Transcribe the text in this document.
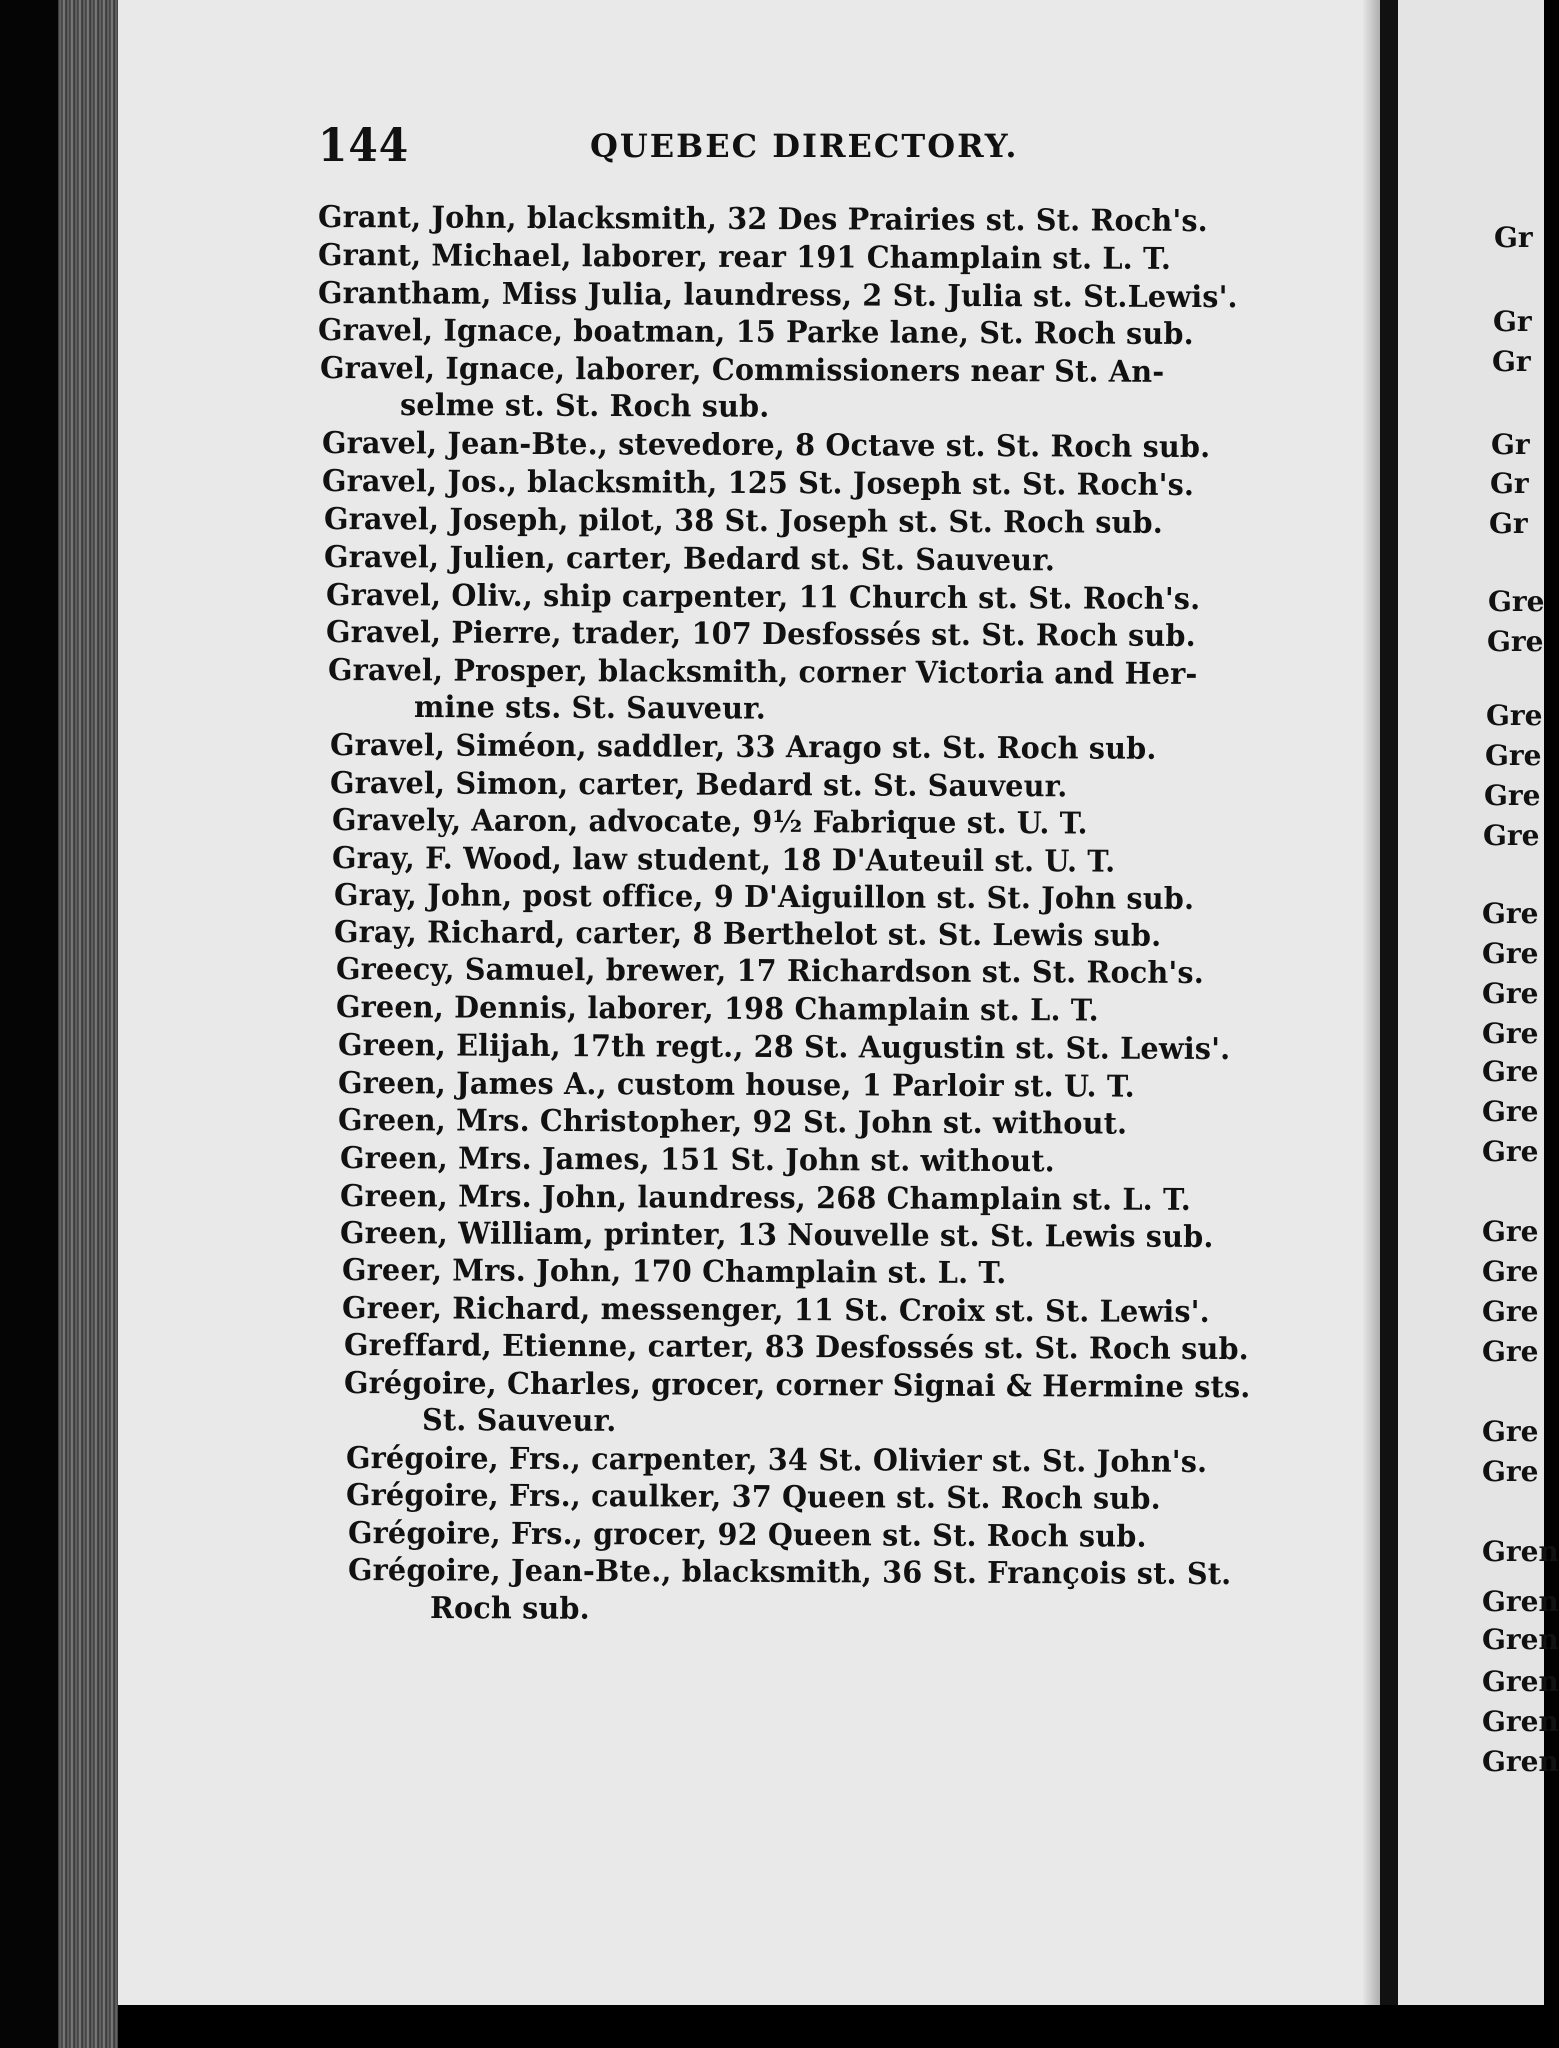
144	QUEBEC DIRECTORY.
Grant, John, blacksmith, 32 Des Prairies st. St. Roch's.
Grant, Michael, laborer, rear 191 Champlain st. L. T.
Grantham, Miss Julia, laundress, 2 St. Julia st. St.Lewis'.
Gravel, Ignace, boatman, 15 Parke lane, St. Roch sub.
Gravel, Ignace, laborer, Commissioners near St. An-
selme st. St. Roch sub.
Gravel, Jean-Bte., stevedore, 8 Octave st. St. Roch sub.
Gravel, Jos., blacksmith, 125 St. Joseph st. St. Roch's.
Gravel, Joseph, pilot, 38 St. Joseph st. St. Roch sub.
Gravel, Julien, carter, Bedard st. St. Sauveur.
Gravel, Oliv., ship carpenter, 11 Church st. St. Roch's.
Gravel, Pierre, trader, 107 Desfossés st. St. Roch sub.
Gravel, Prosper, blacksmith, corner Victoria and Her-
mine sts. St. Sauveur.
Gravel, Siméon, saddler, 33 Arago st. St. Roch sub.
Gravel, Simon, carter, Bedard st. St. Sauveur.
Gravely, Aaron, advocate, 9½ Fabrique st. U. T.
Gray, F. Wood, law student, 18 D'Auteuil st. U. T.
Gray, John, post office, 9 D'Aiguillon st. St. John sub.
Gray, Richard, carter, 8 Berthelot st. St. Lewis sub.
Greecy, Samuel, brewer, 17 Richardson st. St. Roch's.
Green, Dennis, laborer, 198 Champlain st. L. T.
Green, Elijah, 17th regt., 28 St. Augustin st. St. Lewis'.
Green, James A., custom house, 1 Parloir st. U. T.
Green, Mrs. Christopher, 92 St. John st. without.
Green, Mrs. James, 151 St. John st. without.
Green, Mrs. John, laundress, 268 Champlain st. L. T.
Green, William, printer, 13 Nouvelle st. St. Lewis sub.
Greer, Mrs. John, 170 Champlain st. L. T.
Greer, Richard, messenger, 11 St. Croix st. St. Lewis'.
Greffard, Etienne, carter, 83 Desfossés st. St. Roch sub.
Grégoire, Charles, grocer, corner Signai & Hermine sts.
St. Sauveur.
Grégoire, Frs., carpenter, 34 St. Olivier st. St. John's.
Grégoire, Frs., caulker, 37 Queen st. St. Roch sub.
Grégoire, Frs., grocer, 92 Queen st. St. Roch sub.
Grégoire, Jean-Bte., blacksmith, 36 St. François st. St.
Roch sub.
Gr
Gr
Gr
Gr
Gr
Gr
Gre
Gre
Gre
Gre
Gre
Gre
Gre
Gre
Gre
Gre
Gre
Gre
Gre
Gre
Gre
Gre
Gre
Gre
Gre
Gren
Gren
Gren
Gren
Gren
Gren
